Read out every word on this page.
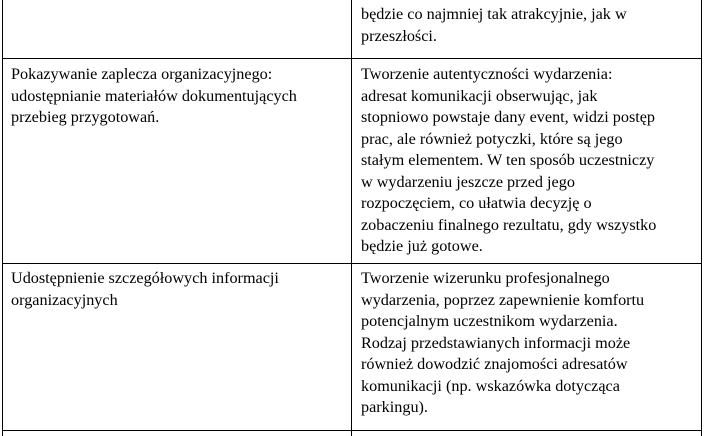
będzie co najmniej tak atrakcyjnie, jak w
przeszłości.
Pokazywanie zaplecza organizacyjnego:
udostępnianie materiałów dokumentujących
przebieg przygotowań.
Tworzenie autentyczności wydarzenia:
adresat komunikacji obserwując, jak
stopniowo powstaje dany event, widzi postęp
prac, ale również potyczki, które są jego
stałym elementem. W ten sposób uczestniczy
w wydarzeniu jeszcze przed jego
rozpoczęciem, co ułatwia decyzję o
zobaczeniu finalnego rezultatu, gdy wszystko
będzie już gotowe.
Udostępnienie szczegółowych informacji
organizacyjnych
Tworzenie wizerunku profesjonalnego
wydarzenia, poprzez zapewnienie komfortu
potencjalnym uczestnikom wydarzenia.
Rodzaj przedstawianych informacji może
również dowodzić znajomości adresatów
komunikacji (np. wskazówka dotycząca
parkingu).
